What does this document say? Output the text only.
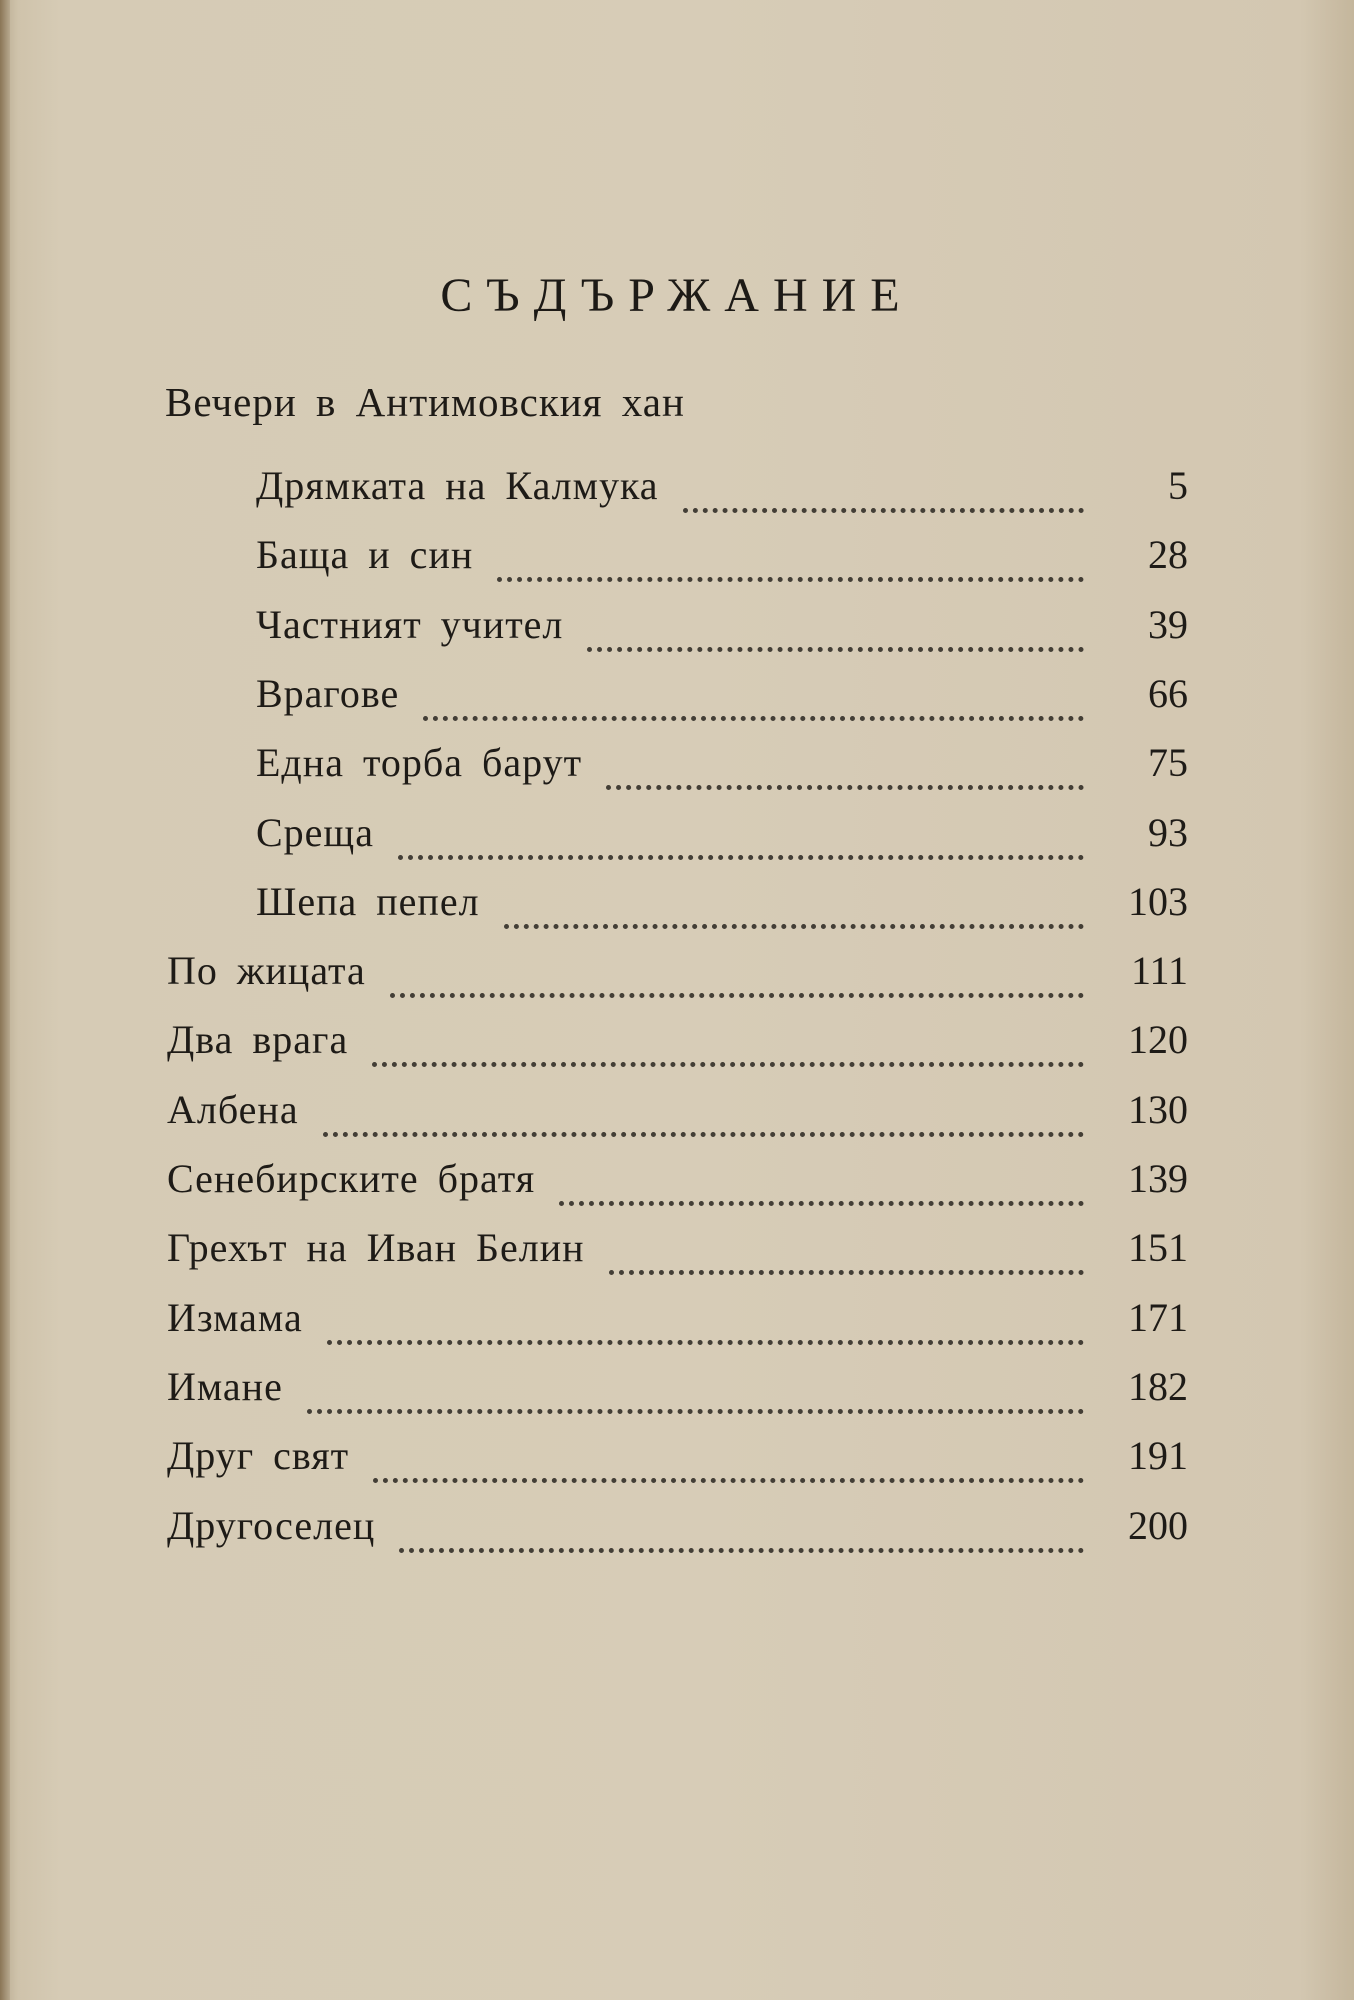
СЪДЪРЖАНИЕ
Вечери в Антимовския хан
Дрямката на Калмука	5
Баща и син	28
Частният учител	39
Врагове	66
Една торба барут	75
Среща	93
Шепа пепел	103
По жицата	111
Два врага	120
Албена	130
Сенебирските братя	139
Грехът на Иван Белин	151
Измама	171
Имане	182
Друг свят	191
Другоселец	200
